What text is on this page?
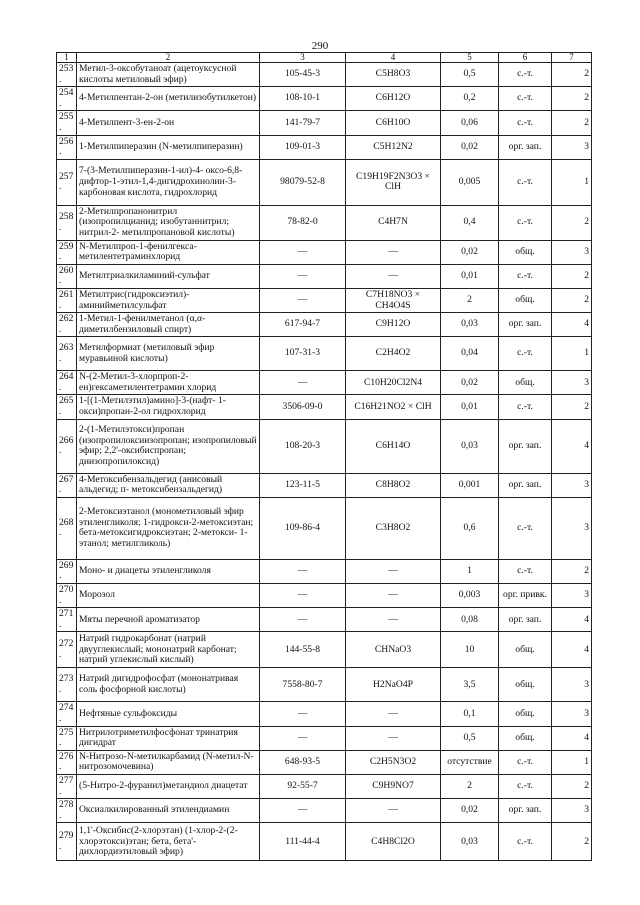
290
1	2	3	4	5	6	7
253.	Метил-3-оксобутаноат (ацетоуксусной кислоты метиловый эфир)	105-45-3	C5H8O3	0,5	с.-т.	2
254.	4-Метилпентан-2-он (метилизобутилкетон)	108-10-1	C6H12O	0,2	с.-т.	2
255.	4-Метилпент-3-ен-2-он	141-79-7	C6H10O	0,06	с.-т.	2
256.	1-Метилпиперазин (N-метилпиперазин)	109-01-3	C5H12N2	0,02	орг. зап.	3
257.	7-(3-Метилпиперазин-1-ил)-4- оксо-6,8-дифтор-1-этил-1,4-дигидрохинолин-3-карбоновая кислота, гидрохлорид	98079-52-8	C19H19F2N3O3 × ClH	0,005	с.-т.	1
258.	2-Метилпропанонитрил (изопропилцианид; изобутаннитрил; нитрил-2- метилпропановой кислоты)	78-82-0	C4H7N	0,4	с.-т.	2
259.	N-Метилпроп-1-фенилгекса-метилентетраминхлорид	—	—	0,02	общ.	3
260.	Метилтриалкиламиний-сульфат	—	—	0,01	с.-т.	2
261.	Метилтрис(гидроксиэтил)-аминийметилсульфат	—	C7H18NO3 × CH4O4S	2	общ.	2
262.	1-Метил-1-фенилметанол (α,α-диметилбензиловый спирт)	617-94-7	C9H12O	0,03	орг. зап.	4
263.	Метилформиат (метиловый эфир муравьиной кислоты)	107-31-3	C2H4O2	0,04	с.-т.	1
264.	N-(2-Метил-3-хлорпроп-2-ен)гексаметилентетрамин хлорид	—	C10H20Cl2N4	0,02	общ.	3
265.	1-[(1-Метилэтил)амино]-3-(нафт- 1-окси)пропан-2-ол гидрохлорид	3506-09-0	C16H21NO2 × ClH	0,01	с.-т.	2
266.	2-(1-Метилэтокси)пропан (изопропилоксиизопропан; изопропиловый эфир; 2,2'-оксибиспропан; диизопропилоксид)	108-20-3	C6H14O	0,03	орг. зап.	4
267.	4-Метоксибензальдегид (анисовый альдегид; п- метоксибензальдегид)	123-11-5	C8H8O2	0,001	орг. зап.	3
268.	2-Метоксиэтанол (монометиловый эфир этиленгликоля; 1-гидрокси-2-метоксиэтан; бета-метоксигидроксиэтан; 2-метокси- 1-этанол; метилгликоль)	109-86-4	C3H8O2	0,6	с.-т.	3
269.	Моно- и диацеты этиленгликоля	—	—	1	с.-т.	2
270.	Морозол	—	—	0,003	орг. привк.	3
271.	Мяты перечной ароматизатор	—	—	0,08	орг. зап.	4
272.	Натрий гидрокарбонат (натрий двууглекислый; мононатрий карбонат; натрий углекислый кислый)	144-55-8	CHNaO3	10	общ.	4
273.	Натрий дигидрофосфат (мононатривая соль фосфорной кислоты)	7558-80-7	H2NaO4P	3,5	общ.	3
274.	Нефтяные сульфоксиды	—	—	0,1	общ.	3
275.	Нитрилотриметилфосфонат тринатрия дигидрат	—	—	0,5	общ.	4
276.	N-Нитрозо-N-метилкарбамид (N-метил-N-нитрозомочевина)	648-93-5	C2H5N3O2	отсутствие	с.-т.	1
277.	(5-Нитро-2-фуранил)метандиол диацетат	92-55-7	C9H9NO7	2	с.-т.	2
278.	Оксиалкилированный этилендиамин	—	—	0,02	орг. зап.	3
279.	1,1'-Оксибис(2-хлорэтан) (1-хлор-2-(2-хлорэтокси)этан; бета, бета'-дихлордиэтиловый эфир)	111-44-4	C4H8Cl2O	0,03	с.-т.	2
